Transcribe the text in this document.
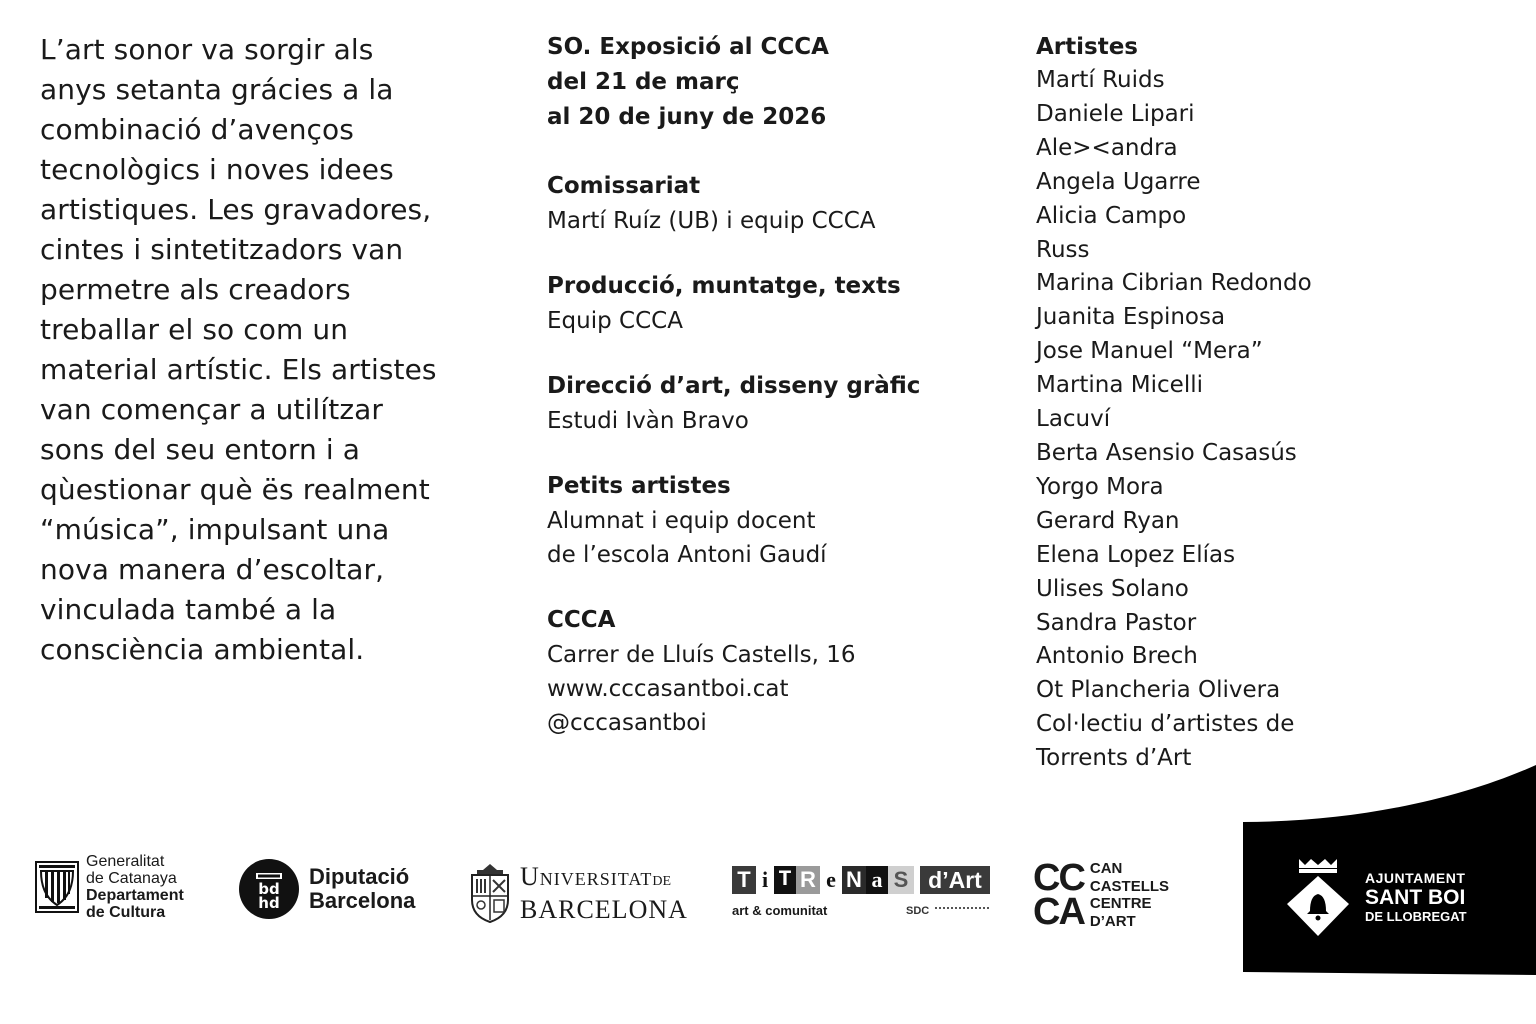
L’art sonor va sorgir als
anys setanta grácies a la
combinació d’avenços
tecnològics i noves idees
artistiques. Les gravadores,
cintes i sintetitzadors van
permetre als creadors
treballar el so com un
material artístic. Els artistes
van començar a utilítzar
sons del seu entorn i a
qùestionar què ës realment
“música”, impulsant una
nova manera d’escoltar,
vinculada també a la
consciència ambiental.

SO. Exposició al CCCA
del 21 de març
al 20 de juny de 2026
Comissariat
Martí Ruíz (UB) i equip CCCA
Producció, muntatge, texts
Equip CCCA
Direcció d’art, disseny gràfic
Estudi Ivàn Bravo
Petits artistes
Alumnat i equip docent
de l’escola Antoni Gaudí
CCCA
Carrer de Lluís Castells, 16
www.cccasantboi.cat
@cccasantboi
Artistes
Martí Ruids
Daniele Lipari
Ale><andra
Angela Ugarre
Alicia Campo
Russ
Marina Cibrian Redondo
Juanita Espinosa
Jose Manuel “Mera”
Martina Micelli
Lacuví
Berta Asensio Casasús
Yorgo Mora
Gerard Ryan
Elena Lopez Elías
Ulises Solano
Sandra Pastor
Antonio Brech
Ot Plancheria Olivera
Col·lectiu d’artistes de
Torrents d’Art
Generalitat
de Catanaya
Departament
de Cultura
bd
hd
Diputació
Barcelona
UniversitatDE
BARCELONA
T i T R e N a S d’Art
art & comunitat	SDC
CC
CA
CAN
CASTELLS
CENTRE
D’ART
AJUNTAMENT
SANT BOI
DE LLOBREGAT
